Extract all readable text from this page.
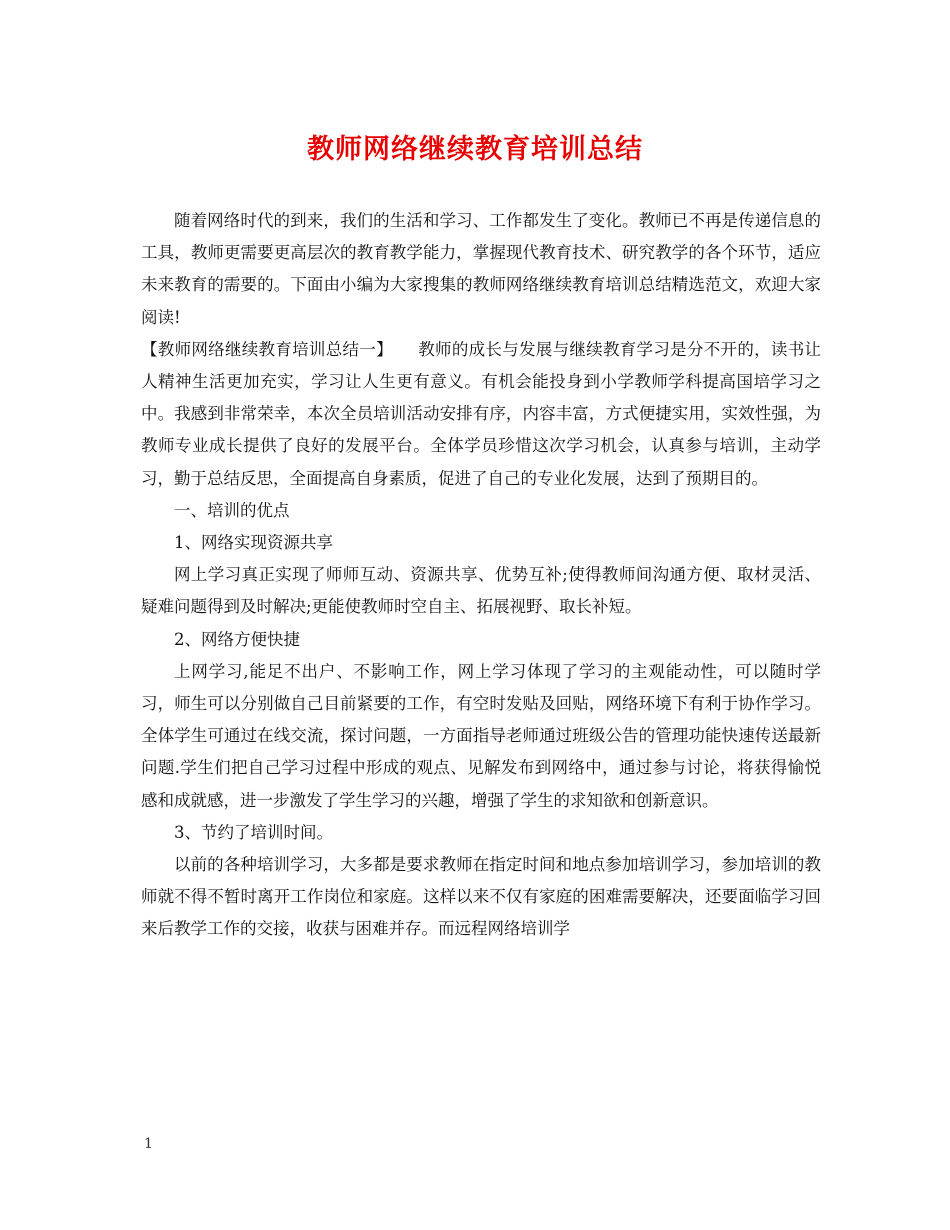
教师网络继续教育培训总结

随着网络时代的到来，我们的生活和学习、工作都发生了变化。教师已不再是传递信息的工具，教师更需要更高层次的教育教学能力，掌握现代教育技术、研究教学的各个环节，适应未来教育的需要的。下面由小编为大家搜集的教师网络继续教育培训总结精选范文，欢迎大家阅读!

【教师网络继续教育培训总结一】　　教师的成长与发展与继续教育学习是分不开的，读书让人精神生活更加充实，学习让人生更有意义。有机会能投身到小学教师学科提高国培学习之中。我感到非常荣幸，本次全员培训活动安排有序，内容丰富，方式便捷实用，实效性强，为教师专业成长提供了良好的发展平台。全体学员珍惜这次学习机会，认真参与培训，主动学习，勤于总结反思，全面提高自身素质，促进了自己的专业化发展，达到了预期目的。

一、培训的优点

1、网络实现资源共享

网上学习真正实现了师师互动、资源共享、优势互补;使得教师间沟通方便、取材灵活、疑难问题得到及时解决;更能使教师时空自主、拓展视野、取长补短。

2、网络方便快捷

上网学习,能足不出户、不影响工作，网上学习体现了学习的主观能动性，可以随时学习，师生可以分别做自己目前紧要的工作，有空时发贴及回贴，网络环境下有利于协作学习。全体学生可通过在线交流，探讨问题，一方面指导老师通过班级公告的管理功能快速传送最新问题.学生们把自己学习过程中形成的观点、见解发布到网络中，通过参与讨论，将获得愉悦感和成就感，进一步激发了学生学习的兴趣，增强了学生的求知欲和创新意识。

3、节约了培训时间。

以前的各种培训学习，大多都是要求教师在指定时间和地点参加培训学习，参加培训的教师就不得不暂时离开工作岗位和家庭。这样以来不仅有家庭的困难需要解决，还要面临学习回来后教学工作的交接，收获与困难并存。而远程网络培训学

1
